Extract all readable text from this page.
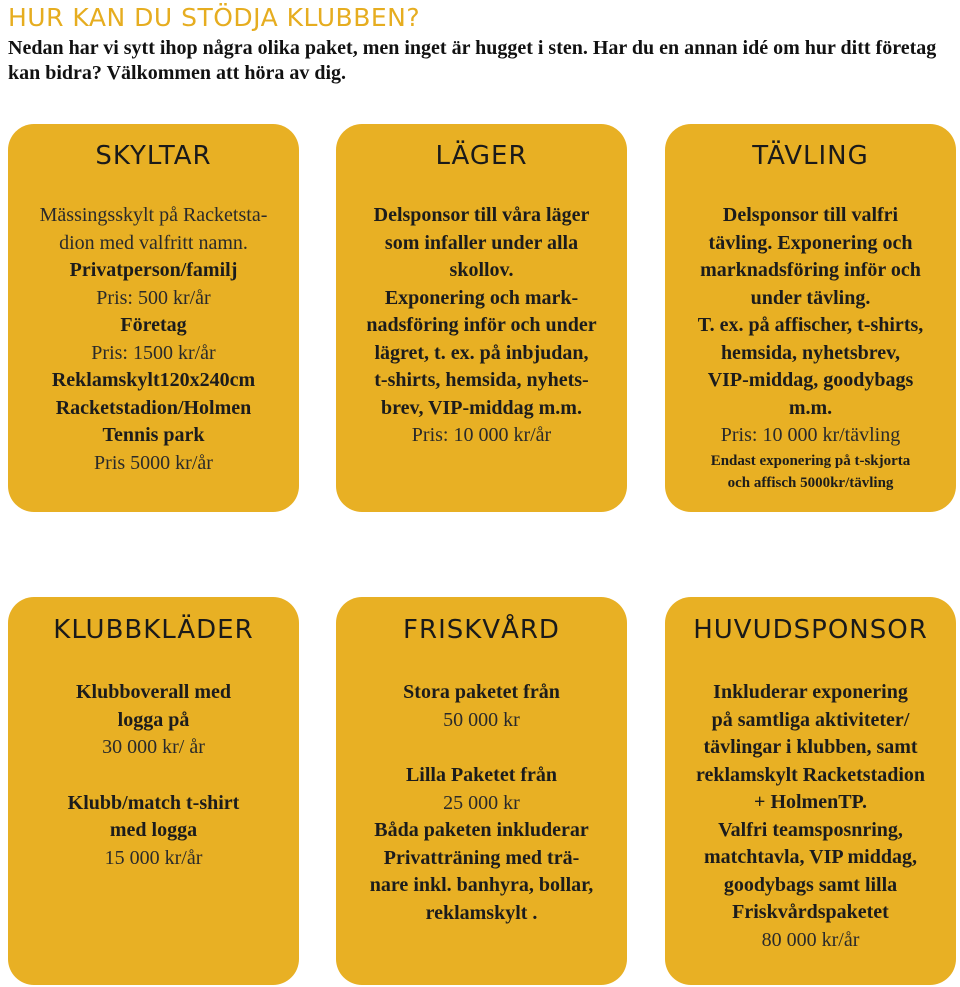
HUR KAN DU STÖDJA KLUBBEN?
Nedan har vi sytt ihop några olika paket, men inget är hugget i sten. Har du en annan idé om hur ditt företag kan bidra? Välkommen att höra av dig.
SKYLTAR
Mässingsskylt på Racketsta-
dion med valfritt namn.
Privatperson/familj
Pris: 500 kr/år
Företag
Pris: 1500 kr/år
Reklamskylt120x240cm
Racketstadion/Holmen
Tennis park
Pris 5000 kr/år
LÄGER
Delsponsor till våra läger
som infaller under alla
skollov.
Exponering och mark-
nadsföring inför och under
lägret, t. ex. på inbjudan,
t-shirts, hemsida, nyhets-
brev, VIP-middag m.m.
Pris: 10 000 kr/år
TÄVLING
Delsponsor till valfri
tävling. Exponering och
marknadsföring inför och
under tävling.
T. ex. på affischer, t-shirts,
hemsida, nyhetsbrev,
VIP-middag, goodybags
m.m.
Pris: 10 000 kr/tävling
Endast exponering på t-skjorta
och affisch 5000kr/tävling
KLUBBKLÄDER
Klubboverall med
logga på
30 000 kr/ år
Klubb/match t-shirt
med logga
15 000 kr/år
FRISKVÅRD
Stora paketet från
50 000 kr
Lilla Paketet från
25 000 kr
Båda paketen inkluderar
Privatträning med trä-
nare inkl. banhyra, bollar,
reklamskylt .
HUVUDSPONSOR
Inkluderar exponering
på samtliga aktiviteter/
tävlingar i klubben, samt
reklamskylt Racketstadion
+ HolmenTP.
Valfri teamsposnring,
matchtavla, VIP middag,
goodybags samt lilla
Friskvårdspaketet
80 000 kr/år
